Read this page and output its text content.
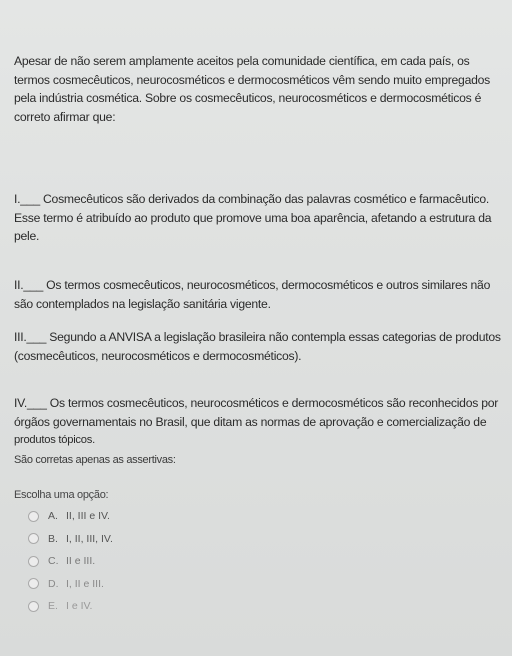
Apesar de não serem amplamente aceitos pela comunidade científica, em cada país, os
termos cosmecêuticos, neurocosméticos e dermocosméticos vêm sendo muito empregados
pela indústria cosmética. Sobre os cosmecêuticos, neurocosméticos e dermocosméticos é
correto afirmar que:
I.___ Cosmecêuticos são derivados da combinação das palavras cosmético e farmacêutico.
Esse termo é atribuído ao produto que promove uma boa aparência, afetando a estrutura da
pele.
II.___ Os termos cosmecêuticos, neurocosméticos, dermocosméticos e outros similares não
são contemplados na legislação sanitária vigente.
III.___ Segundo a ANVISA a legislação brasileira não contempla essas categorias de produtos
(cosmecêuticos, neurocosméticos e dermocosméticos).
IV.___ Os termos cosmecêuticos, neurocosméticos e dermocosméticos são reconhecidos por
órgãos governamentais no Brasil, que ditam as normas de aprovação e comercialização de
produtos tópicos.
São corretas apenas as assertivas:
Escolha uma opção:
A. II, III e IV.
B. I, II, III, IV.
C. II e III.
D. I, II e III.
E. I e IV.
